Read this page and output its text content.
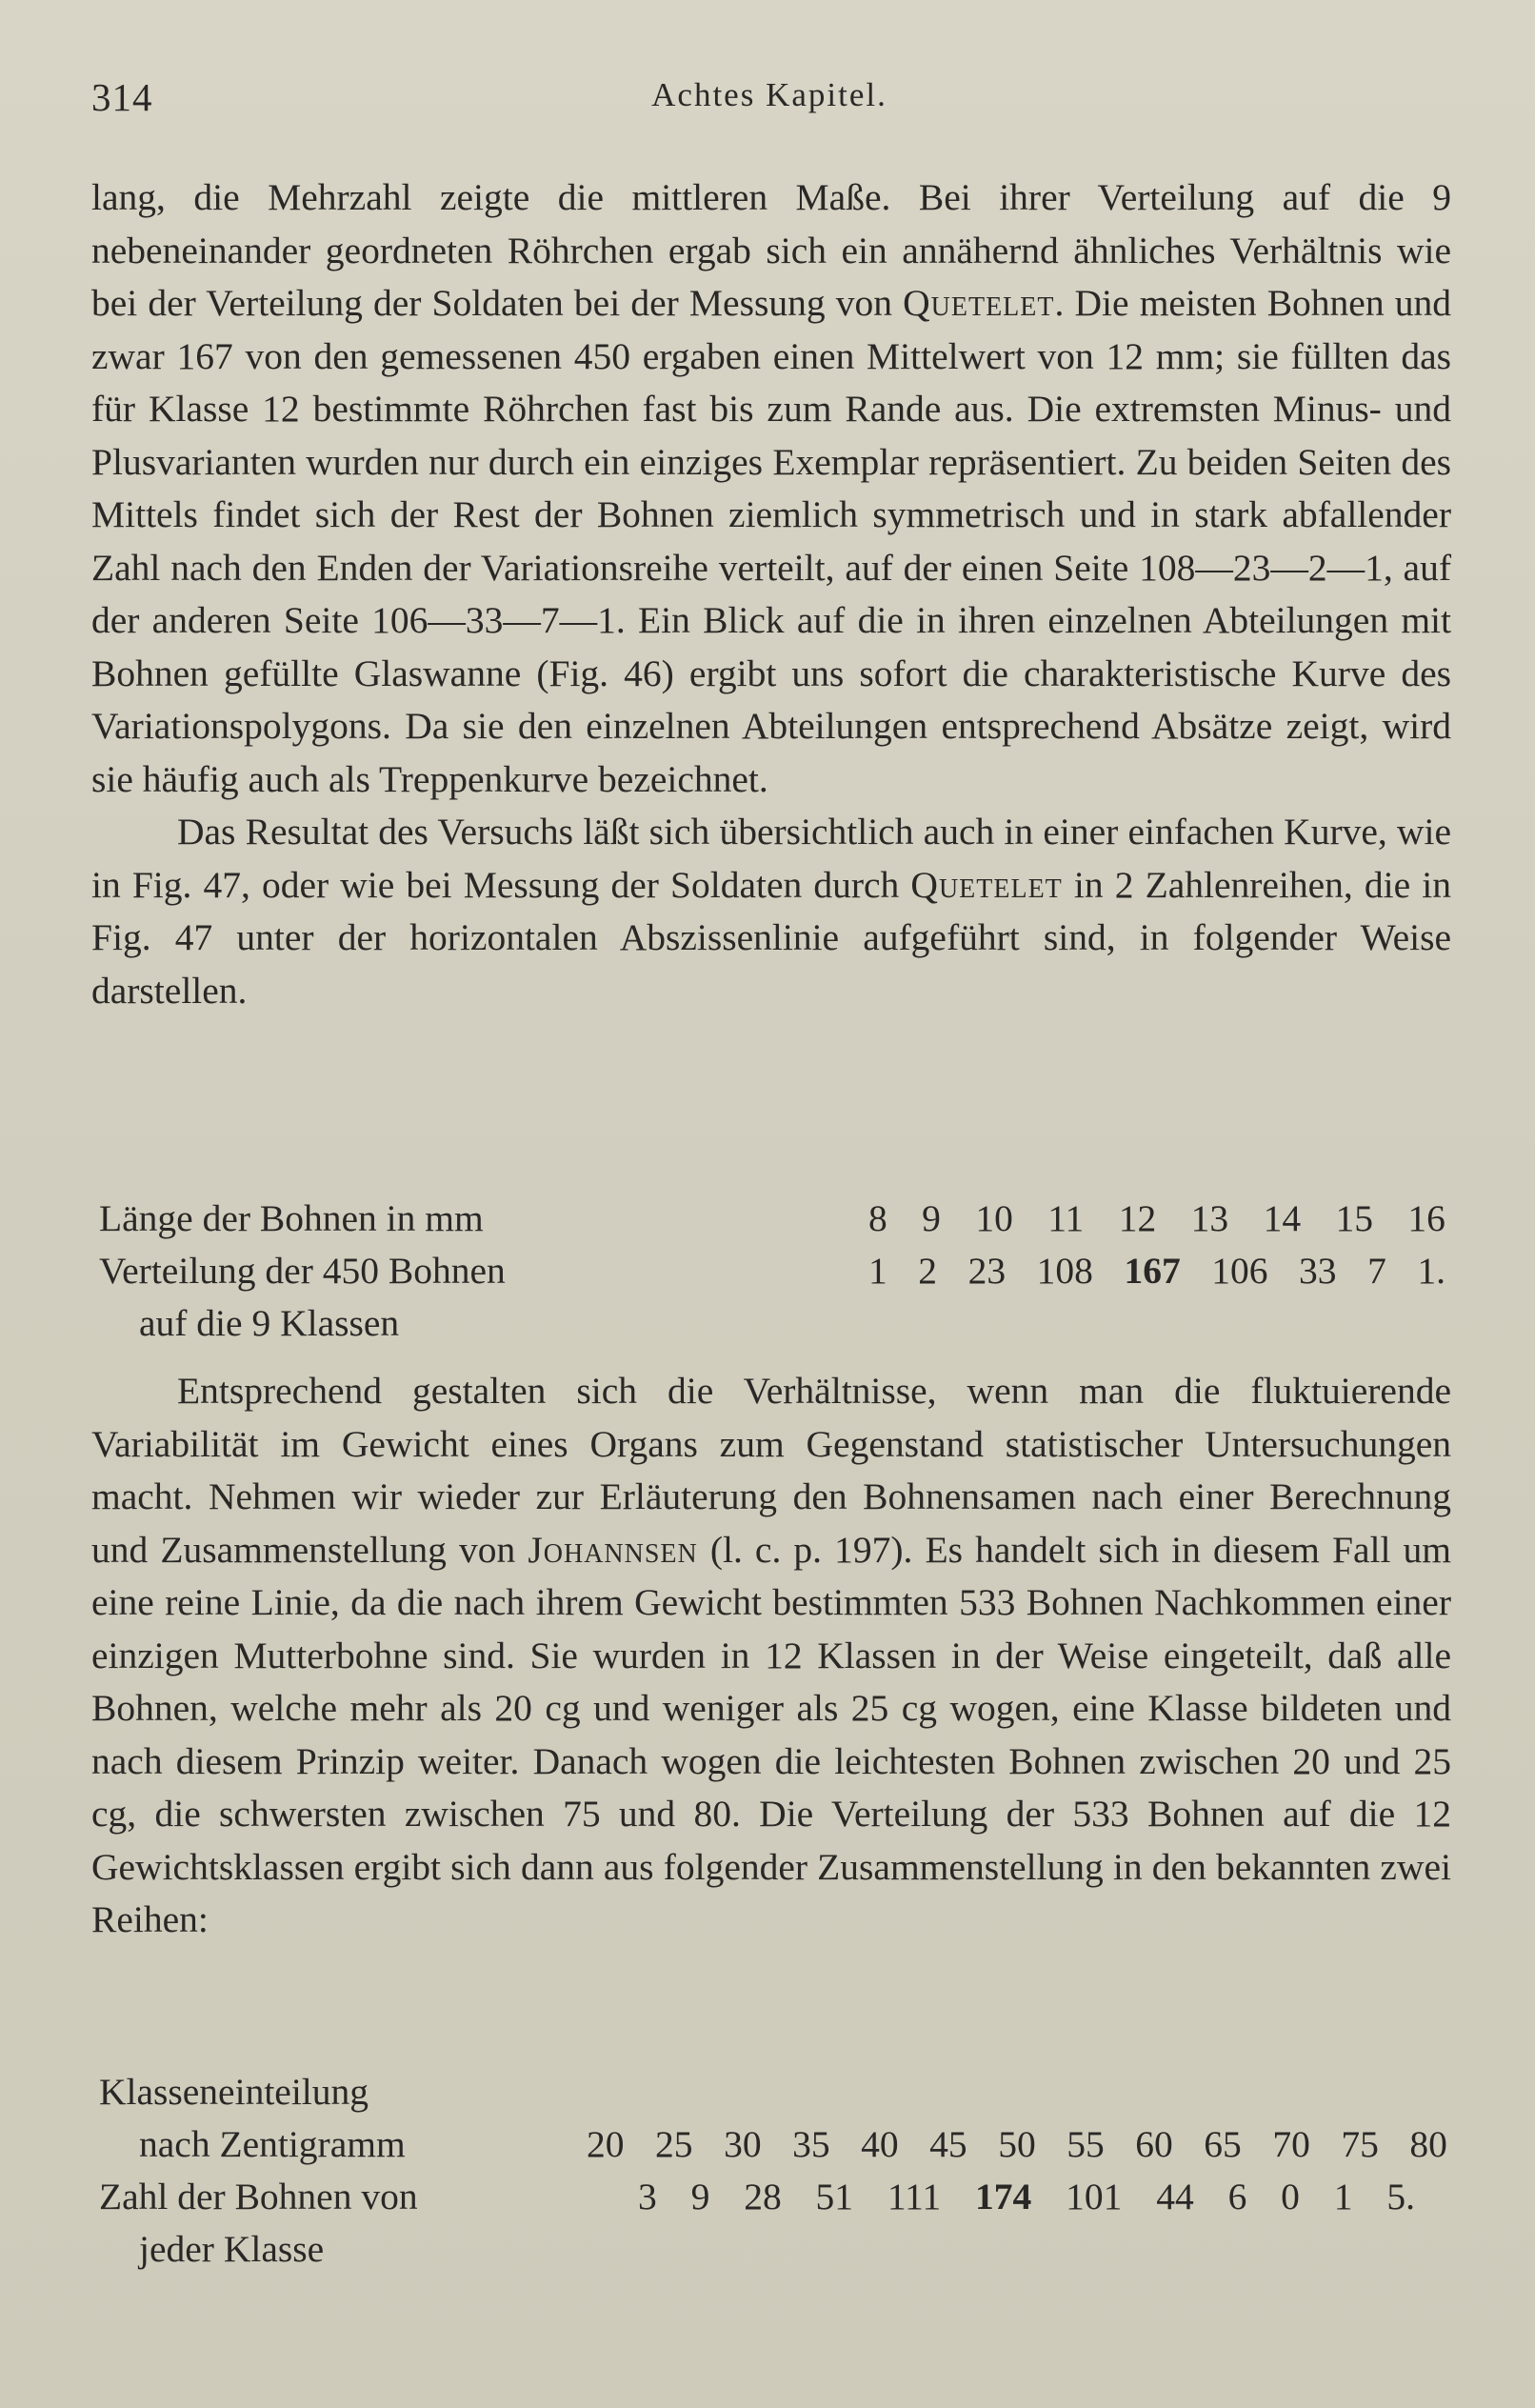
314	Achtes Kapitel.

lang, die Mehrzahl zeigte die mittleren Maße. Bei ihrer Verteilung auf die 9 nebeneinander geordneten Röhrchen ergab sich ein annähernd ähnliches Verhältnis wie bei der Verteilung der Soldaten bei der Messung von Quetelet. Die meisten Bohnen und zwar 167 von den gemessenen 450 ergaben einen Mittelwert von 12 mm; sie füllten das für Klasse 12 bestimmte Röhrchen fast bis zum Rande aus. Die extremsten Minus- und Plusvarianten wurden nur durch ein einziges Exemplar repräsentiert. Zu beiden Seiten des Mittels findet sich der Rest der Bohnen ziemlich symmetrisch und in stark abfallender Zahl nach den Enden der Variationsreihe verteilt, auf der einen Seite 108—23—2—1, auf der anderen Seite 106—33—7—1. Ein Blick auf die in ihren einzelnen Abteilungen mit Bohnen gefüllte Glaswanne (Fig. 46) ergibt uns sofort die charakteristische Kurve des Variationspolygons. Da sie den einzelnen Abteilungen entsprechend Absätze zeigt, wird sie häufig auch als Treppenkurve bezeichnet.

Das Resultat des Versuchs läßt sich übersichtlich auch in einer einfachen Kurve, wie in Fig. 47, oder wie bei Messung der Soldaten durch Quetelet in 2 Zahlenreihen, die in Fig. 47 unter der horizontalen Abszissenlinie aufgeführt sind, in folgender Weise darstellen.

Länge der Bohnen in mm	8 9 10 11 12 13 14 15 16
Verteilung der 450 Bohnen	1 2 23 108 167 106 33 7 1.
auf die 9 Klassen

Entsprechend gestalten sich die Verhältnisse, wenn man die fluktuierende Variabilität im Gewicht eines Organs zum Gegenstand statistischer Untersuchungen macht. Nehmen wir wieder zur Erläuterung den Bohnensamen nach einer Berechnung und Zusammenstellung von Johannsen (l. c. p. 197). Es handelt sich in diesem Fall um eine reine Linie, da die nach ihrem Gewicht bestimmten 533 Bohnen Nachkommen einer einzigen Mutterbohne sind. Sie wurden in 12 Klassen in der Weise eingeteilt, daß alle Bohnen, welche mehr als 20 cg und weniger als 25 cg wogen, eine Klasse bildeten und nach diesem Prinzip weiter. Danach wogen die leichtesten Bohnen zwischen 20 und 25 cg, die schwersten zwischen 75 und 80. Die Verteilung der 533 Bohnen auf die 12 Gewichtsklassen ergibt sich dann aus folgender Zusammenstellung in den bekannten zwei Reihen:

Klasseneinteilung
nach Zentigramm	20 25 30 35 40 45 50 55 60 65 70 75 80
Zahl der Bohnen von	3 9 28 51 111 174 101 44 6 0 1 5.
jeder Klasse
